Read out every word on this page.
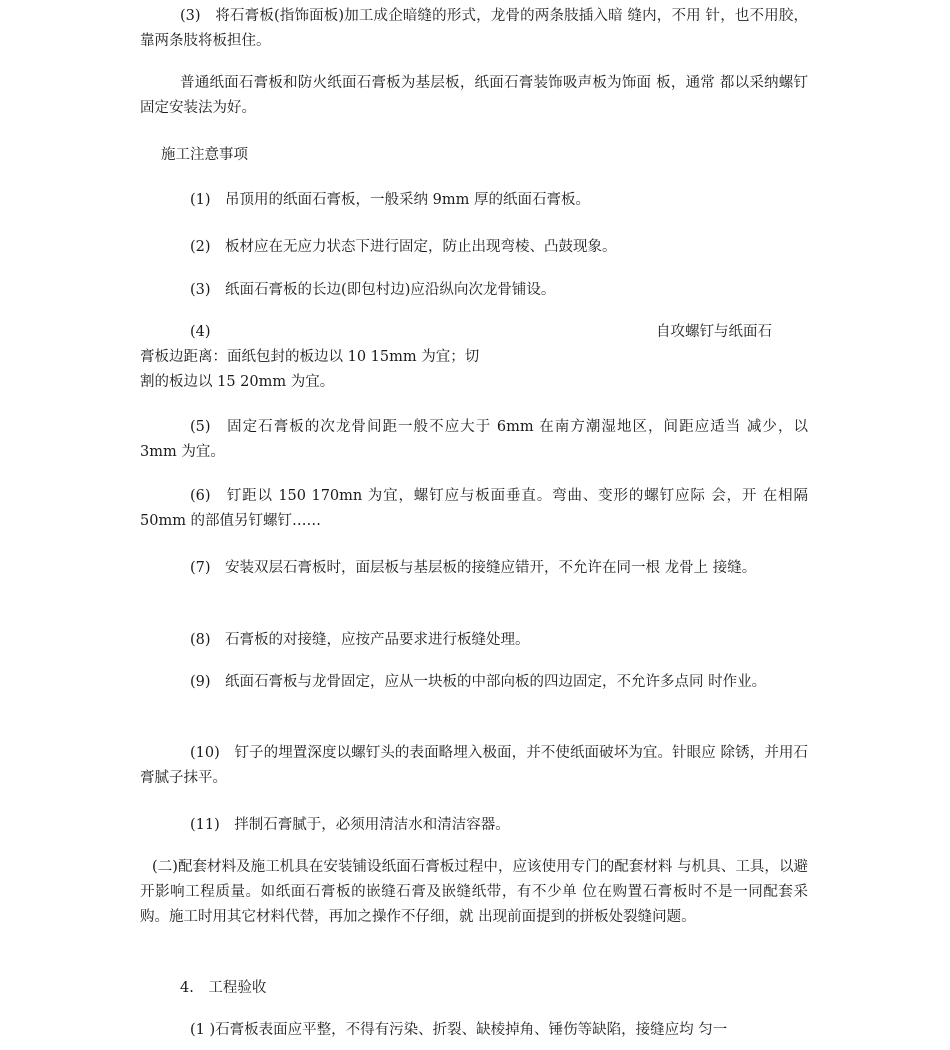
(3)　将石膏板(指饰面板)加工成企暗缝的形式，龙骨的两条肢插入暗 缝内，不用 针，也不用胶，靠两条肢将板担住。
普通纸面石膏板和防火纸面石膏板为基层板，纸面石膏装饰吸声板为饰面 板，通常 都以采纳螺钉固定安装法为好。
施工注意事项
(1)　吊顶用的纸面石膏板，一般采纳 9mm 厚的纸面石膏板。
(2)　板材应在无应力状态下进行固定，防止出现弯棱、凸鼓现象。
(3)　纸面石膏板的长边(即包村边)应沿纵向次龙骨铺设。
(4)	自攻螺钉与纸面石
膏板边距离：面纸包封的板边以 10 15mm 为宜；切
割的板边以 15 20mm 为宜。
(5)　固定石膏板的次龙骨间距一般不应大于 6mm 在南方潮湿地区，间距应适当 减少，以 3mm 为宜。
(6)　钉距以 150 170mn 为宜，螺钉应与板面垂直。弯曲、变形的螺钉应际 会，开 在相隔 50mm 的部值另钉螺钉……
(7)　安装双层石膏板时，面层板与基层板的接缝应错开，不允许在同一根 龙骨上 接缝。
(8)　石膏板的对接缝，应按产品要求进行板缝处理。
(9)　纸面石膏板与龙骨固定，应从一块板的中部向板的四边固定，不允许多点同 时作业。
(10)　钉子的埋置深度以螺钉头的表面略埋入极面，并不使纸面破坏为宜。针眼应 除锈，并用石膏腻子抹平。
(11)　拌制石膏腻于，必须用清洁水和清洁容器。
(二)配套材料及施工机具在安装铺设纸面石膏板过程中，应该使用专门的配套材料 与机具、工具，以避开影响工程质量。如纸面石膏板的嵌缝石膏及嵌缝纸带，有不少单 位在购置石膏板时不是一同配套采购。施工时用其它材料代替，再加之操作不仔细，就 出现前面提到的拼板处裂缝问题。
4.　工程验收
(1 )石膏板表面应平整，不得有污染、折裂、缺棱掉角、锤伤等缺陷，接缝应均 匀一
